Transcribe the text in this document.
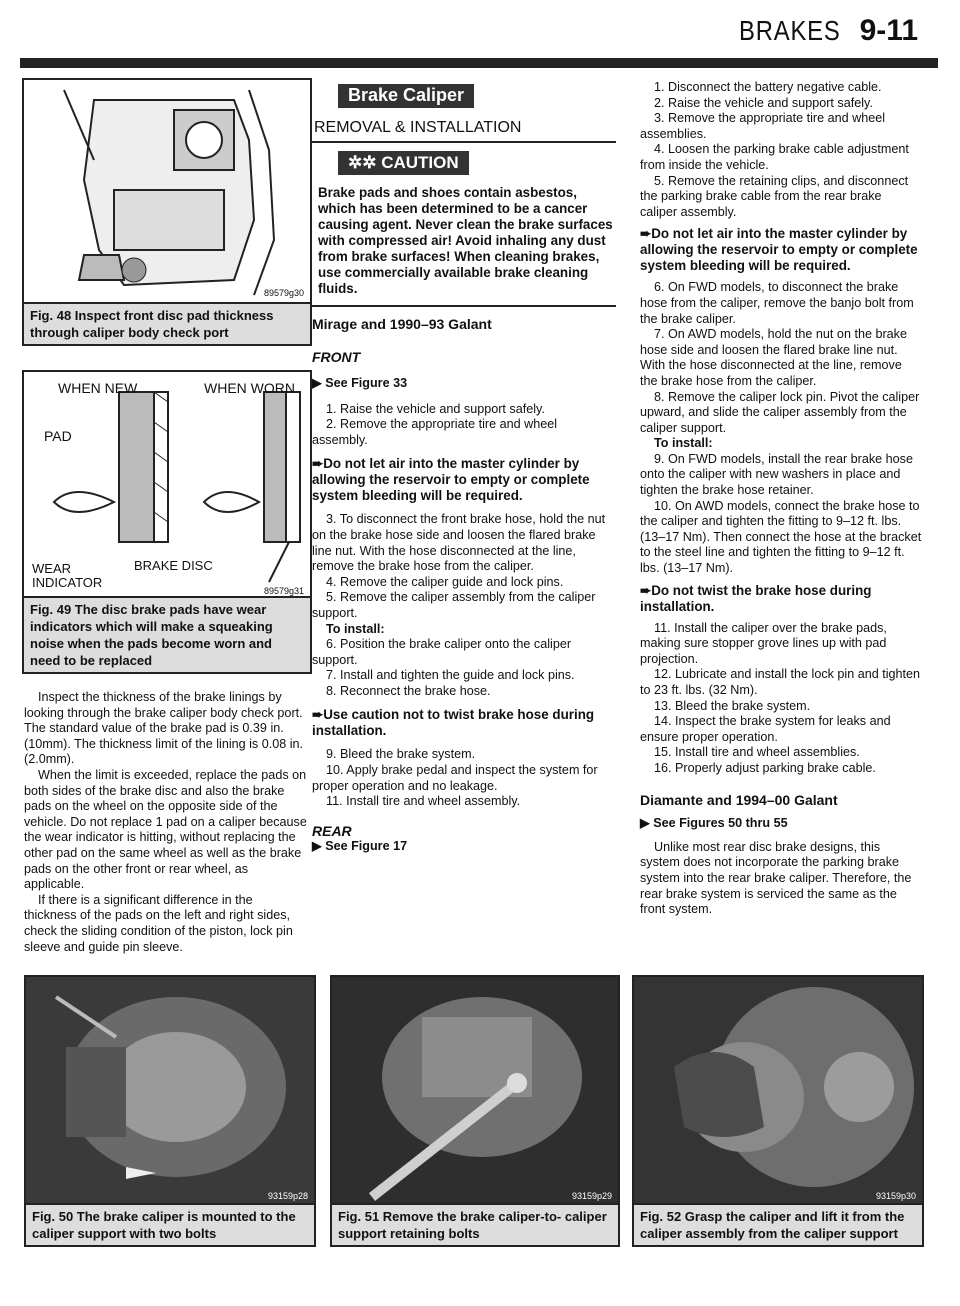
BRAKES 9-11
89579g30
Fig. 48 Inspect front disc pad thickness through caliper body check port
WHEN NEW	WHEN WORN
PAD
WEAR
INDICATOR
BRAKE DISC
89579g31
Fig. 49 The disc brake pads have wear indicators which will make a squeaking noise when the pads become worn and need to be replaced

Inspect the thickness of the brake linings by looking through the brake caliper body check port. The standard value of the brake pad is 0.39 in. (10mm). The thickness limit of the lining is 0.08 in. (2.0mm).

When the limit is exceeded, replace the pads on both sides of the brake disc and also the brake pads on the wheel on the opposite side of the vehicle. Do not replace 1 pad on a caliper because the wear indicator is hitting, without replacing the other pad on the same wheel as well as the brake pads on the other front or rear wheel, as applicable.

If there is a significant difference in the thickness of the pads on the left and right sides, check the sliding condition of the piston, lock pin sleeve and guide pin sleeve.

Brake Caliper
REMOVAL & INSTALLATION
✲✲ CAUTION

Brake pads and shoes contain asbestos, which has been determined to be a cancer causing agent. Never clean the brake surfaces with compressed air! Avoid inhaling any dust from brake surfaces! When cleaning brakes, use commercially available brake cleaning fluids.

Mirage and 1990–93 Galant

FRONT

▶ See Figure 33

1. Raise the vehicle and support safely.

2. Remove the appropriate tire and wheel assembly.

➨Do not let air into the master cylinder by allowing the reservoir to empty or complete system bleeding will be required.

3. To disconnect the front brake hose, hold the nut on the brake hose side and loosen the flared brake line nut. With the hose disconnected at the line, remove the brake hose from the caliper.

4. Remove the caliper guide and lock pins.

5. Remove the caliper assembly from the caliper support.

To install:

6. Position the brake caliper onto the caliper support.

7. Install and tighten the guide and lock pins.

8. Reconnect the brake hose.

➨Use caution not to twist brake hose during installation.

9. Bleed the brake system.

10. Apply brake pedal and inspect the system for proper operation and no leakage.

11. Install tire and wheel assembly.

REAR

▶ See Figure 17

1. Disconnect the battery negative cable.

2. Raise the vehicle and support safely.

3. Remove the appropriate tire and wheel assemblies.

4. Loosen the parking brake cable adjustment from inside the vehicle.

5. Remove the retaining clips, and disconnect the parking brake cable from the rear brake caliper assembly.

➨Do not let air into the master cylinder by allowing the reservoir to empty or complete system bleeding will be required.

6. On FWD models, to disconnect the brake hose from the caliper, remove the banjo bolt from the brake caliper.

7. On AWD models, hold the nut on the brake hose side and loosen the flared brake line nut. With the hose disconnected at the line, remove the brake hose from the caliper.

8. Remove the caliper lock pin. Pivot the caliper upward, and slide the caliper assembly from the caliper support.

To install:

9. On FWD models, install the rear brake hose onto the caliper with new washers in place and tighten the brake hose retainer.

10. On AWD models, connect the brake hose to the caliper and tighten the fitting to 9–12 ft. lbs. (13–17 Nm). Then connect the hose at the bracket to the steel line and tighten the fitting to 9–12 ft. lbs. (13–17 Nm).

➨Do not twist the brake hose during installation.

11. Install the caliper over the brake pads, making sure stopper grove lines up with pad projection.

12. Lubricate and install the lock pin and tighten to 23 ft. lbs. (32 Nm).

13. Bleed the brake system.

14. Inspect the brake system for leaks and ensure proper operation.

15. Install tire and wheel assemblies.

16. Properly adjust parking brake cable.

Diamante and 1994–00 Galant

▶ See Figures 50 thru 55

Unlike most rear disc brake designs, this system does not incorporate the parking brake system into the rear brake caliper. Therefore, the rear brake system is serviced the same as the front system.

93159p28
Fig. 50 The brake caliper is mounted to the caliper support with two bolts
93159p29
Fig. 51 Remove the brake caliper-to- caliper support retaining bolts
93159p30
Fig. 52 Grasp the caliper and lift it from the caliper assembly from the caliper support
